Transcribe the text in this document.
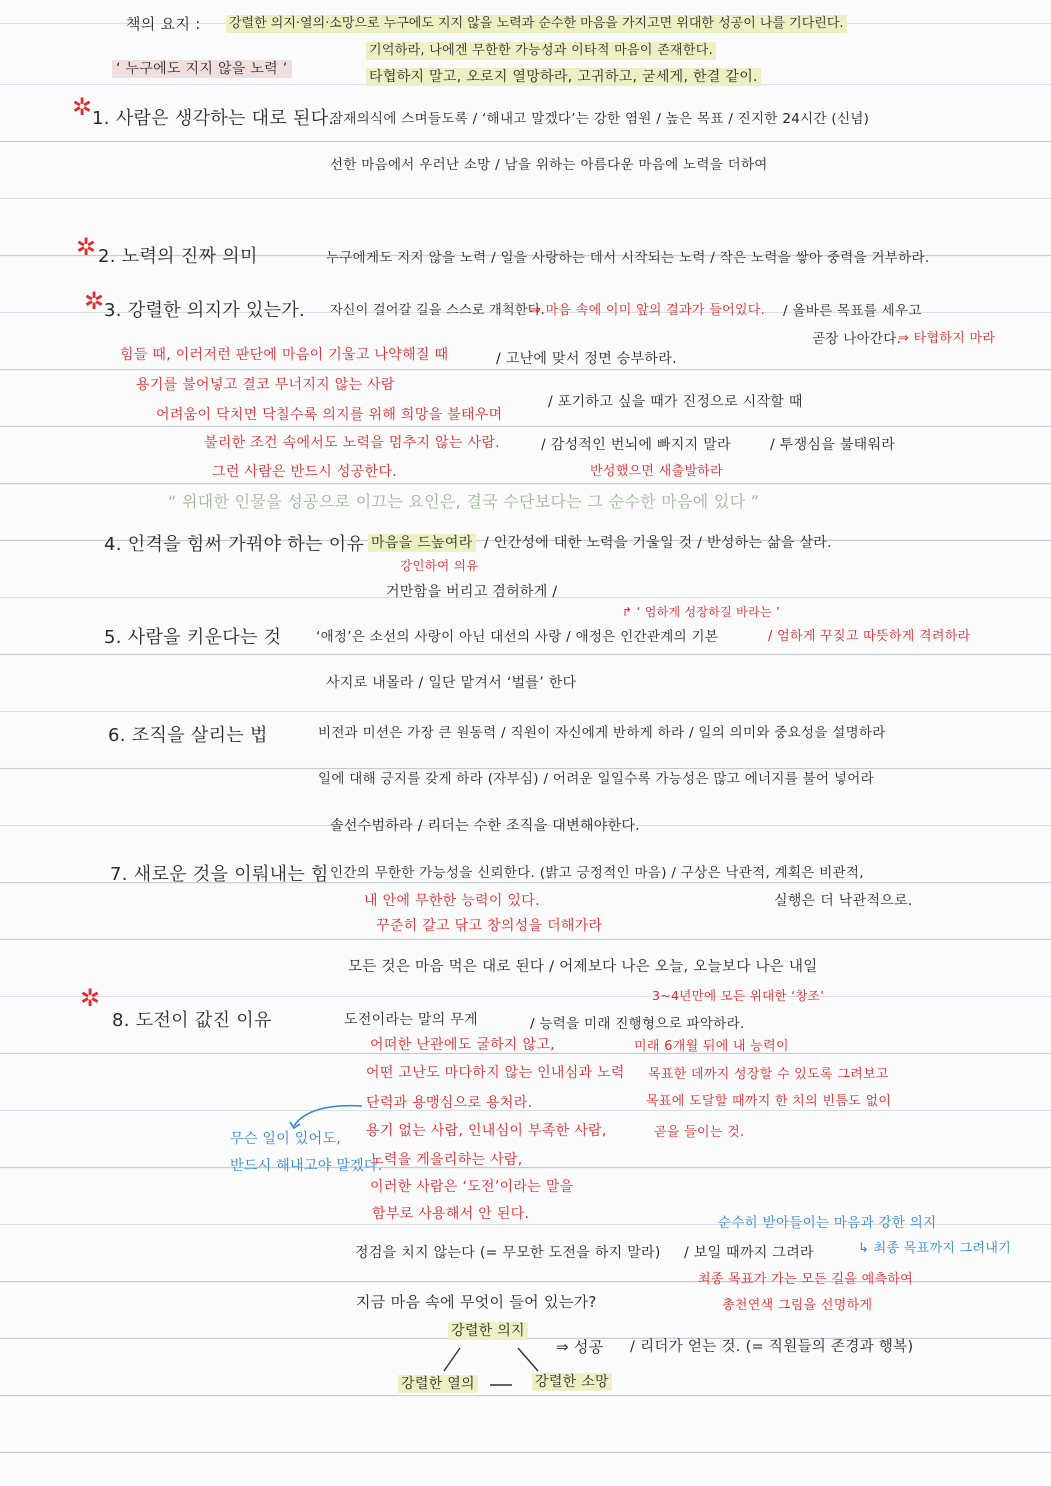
책의 요지 : 강렬한 의지·열의·소망으로 누구에도 지지 않을 노력과 순수한 마음을 가지고면 위대한 성공이 나를 기다린다.
‘ 누구에도 지지 않을 노력 ’
기억하라, 나에겐 무한한 가능성과 이타적 마음이 존재한다.
타협하지 말고, 오로지 열망하라, 고귀하고, 굳세게, 한결 같이.
✲ 1. 사람은 생각하는 대로 된다.
잠재의식에 스며들도록 / ‘해내고 말겠다’는 강한 염원 / 높은 목표 / 진지한 24시간 (신념)
선한 마음에서 우러난 소망 / 남을 위하는 아름다운 마음에 노력을 더하여
✲ 2. 노력의 진짜 의미	누구에게도 지지 않을 노력 / 일을 사랑하는 데서 시작되는 노력 / 작은 노력을 쌓아 중력을 거부하라.
✲ 3. 강렬한 의지가 있는가. 자신이 걸어갈 길을 스스로 개척한다.
⇒ 마음 속에 이미 앞의 결과가 들어있다. / 올바른 목표를 세우고
곧장 나아간다.
⇒ 타협하지 마라
힘들 때, 이러저런 판단에 마음이 기울고 나약해질 때
용기를 불어넣고 결코 무너지지 않는 사람
어려움이 닥치면 닥칠수록 의지를 위해 희망을 불태우며
불리한 조건 속에서도 노력을 멈추지 않는 사람.
그런 사람은 반드시 성공한다.
/ 고난에 맞서 정면 승부하라.
/ 포기하고 싶을 때가 진정으로 시작할 때
/ 감성적인 번뇌에 빠지지 말라	/ 투쟁심을 불태워라
반성했으면 새출발하라
“ 위대한 인물을 성공으로 이끄는 요인은, 결국 수단보다는 그 순수한 마음에 있다 ”
4. 인격을 힘써 가꿔야 하는 이유 마음을 드높여라 / 인간성에 대한 노력을 기울일 것 / 반성하는 삶을 살라.
강인하여 의유
거만함을 버리고 겸허하게 /
↱ ‘ 엄하게 성장하길 바라는 ’
5. 사람을 키운다는 것	‘애정’은 소선의 사랑이 아닌 대선의 사랑 / 애정은 인간관계의 기본	/ 엄하게 꾸짖고 따뜻하게 격려하라
사지로 내몰라 / 일단 맡겨서 ‘벌를’ 한다
6. 조직을 살리는 법	비전과 미션은 가장 큰 원동력 / 직원이 자신에게 반하게 하라 / 일의 의미와 중요성을 설명하라
일에 대해 긍지를 갖게 하라 (자부심) / 어려운 일일수록 가능성은 많고 에너지를 불어 넣어라
솔선수범하라 / 리더는 수한 조직을 대변해야한다.
7. 새로운 것을 이뤄내는 힘 인간의 무한한 가능성을 신뢰한다. (밝고 긍정적인 마음) / 구상은 낙관적, 계획은 비관적,
실행은 더 낙관적으로.
내 안에 무한한 능력이 있다.
꾸준히 갈고 닦고 창의성을 더해가라
모든 것은 마음 먹은 대로 된다 / 어제보다 나은 오늘, 오늘보다 나은 내일
3~4년만에 모든 위대한 ‘창조’
✲
8. 도전이 값진 이유	도전이라는 말의 무게	/ 능력을 미래 진행형으로 파악하라.
어떠한 난관에도 굴하지 않고,
어떤 고난도 마다하지 않는 인내심과 노력
단력과 용맹심으로 용처라.
용기 없는 사람, 인내심이 부족한 사람,
노력을 게을리하는 사람,
이러한 사람은 ‘도전’이라는 말을
함부로 사용해서 안 된다.
미래 6개월 뒤에 내 능력이
목표한 데까지 성장할 수 있도록 그려보고
목표에 도달할 때까지 한 치의 빈틈도 없이
곧을 들이는 것.
무슨 일이 있어도,
반드시 해내고야 말겠다.
정검을 치지 않는다 (= 무모한 도전을 하지 말라) / 보일 때까지 그려라
순수히 받아들이는 마음과 강한 의지
↳ 최종 목표까지 그려내기
최종 목표가 가는 모든 길을 예측하여
총천연색 그림을 선명하게
지금 마음 속에 무엇이 들어 있는가?
강렬한 의지
⇒ 성공 / 리더가 얻는 것. (= 직원들의 존경과 행복)
강렬한 열의	강렬한 소망
